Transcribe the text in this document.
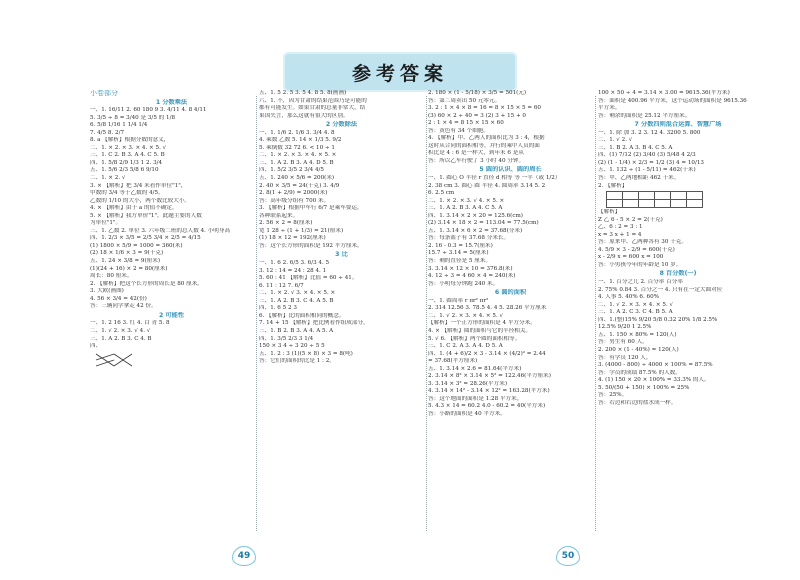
参考答案
小卷部分
1 分数乘法
一、1. 16/11 2. 60 180 9 3. 4/11 4. 8 4/11
5. 3/5 ÷ 8 = 3/40 是 3/5 的 1/8
6. 5/8 1/16 1 1/4 1/4
7. 4/5 8. 2/7
8. a 【解析】根据分数的意义，
二、1. × 2. × 3. × 4. × 5. √
三、1. C 2. B 3. A 4. C 5. B
四、1. 5/8 2/9 1/3 1 2. 3/4
五、1. 5/6 2/3 5/8 6 9/10
二、1. × 2. √
3. × 【解析】把 3/4 米看作单位"1"，
甲数的 3/4 等于乙数的 4/5，
乙数的 1/10 的大小，两个数比较大小。
4. × 【解析】由于 a 的值不确定。
5. × 【解析】我方单价"1"，此题主要的人数
为单位"1"。
三、1. 乙数 2. 单位 3. 六年级二班的总人数 4. 小明身高
四、1. 2/3 × 3/5 = 2/5 3/4 × 2/5 = 4/15
(1) 1800 × 5/9 = 1000 = 360(米)
(2) 18 × 1/6 × 3 = 9(千克)
五、1. 24 × 3/8 = 9(厘米)
(1)(24 + 16) × 2 = 80(厘米)
周长：80 厘米。
2. 【解析】把这个长方形的周长是 80 厘米。
3. 大欧(画图)
4. 56 × 3/4 = 42(份)
答：三辆同学拿走 42 份。
2 可能性
一、1. 2 16 3. 红 4. 白 青 5. 8
二、1. √ 2. × 3. √ 4. √
三、1. A 2. B 3. C 4. B
四、
五、1. 5 2. 5 3. 5 4. 8 5. 8(画画)
六、1. 不，因为甘肃的结果范围乃是可能的
都有可能发生。如果甘肃的总量非常大，结
果国失言，那么这就有很大的区别。
2 分数除法
一、1. 1/6 2. 1/6 3. 3/4 4. 8
4. 乘数 乙数 5. 14 × 1/3 5. 9/2
5. 乘倒数 32 72 6. < 10 ÷ 1
二、1. × 2. × 3. × 4. × 5. ×
三、1. A 2. B 3. A 4. D 5. B
四、1. 5/2 3/5 2 3/4 4/5
五、1. 240 × 5/6 = 200(米)
2. 40 × 3/5 = 24(千克) 3. 4/9
2. 8(1 + 2/9) = 2000(米)
答：高年级分组有 700 米。
3. 【解析】根据甲车行 6/7 是乘车要运，
各种联系起来。
2. 56 × 2 = 8(厘米)
宽 1 28 ÷ (1 + 1/3) = 21(厘米)
(1) 18 × 12 = 192(厘米)
答：这个长方形的面积是 192 平方厘米。
3 比
一、1. 6 2. 6/5 3. 6/3 4. 5
3. 12 : 14 = 24 : 28 4. 1
5. 60 : 41 【解析】比值 = 60 ÷ 41。
6. 11 : 12 7. 6/7
二、1. × 2. √ 3. × 4. × 5. ×
三、1. A 2. B 3. C 4. A 5. B
四、1. 6 5 2 3
6. 【解析】比的面积相同的概念。
7. 14 + 15 【解析】把比例看作组成部分，
三、1. B 2. B 3. A 4. A 5. A
四、1. 3/5 2/3 3 1/4
150 × 3 4 ÷ 3 20 ÷ 5 5
五、1. 2 : 3 (1)(5 × 8) × 3 = 8(吨)
答：它们的面积的比是 1 : 2。
2. 180 × (1 - 5/18) × 3/5 = 501(元)
答：第二周卖出 50 元零元。
3. 2 : 1 × 4 × 8 = 16 = 8 × 15 × 5 = 60
(3) 60 × 2 ÷ 40 = 3 (2) 3 + 15 + 0
2 : 1 × 4 = 8 15 × 15 × 60
答：黄色有 34 个细胞。
4. 【解析】甲、乙两人的面积比为 3 : 4，根据
这时从合同的面积相等，并行的乘中人员的面
积比是 4 : 6 是一样大，到年末 6 是从
答：所以乙车行驶了 3 小时 40 分钟。
5 圆的认识、圆的周长
一、1. 圆心 O 半径 r 直径 d 相等 等 一半（或 1/2）
2. 38 cm 3. 圆心 圆 半径 4. 圆周率 3.14 5. 2
6. 2.5 cm
二、1. × 2. × 3. √ 4. × 5. ×
三、1. A 2. B 3. A 4. C 5. A
四、1. 3.14 × 2 × 20 = 125.6(cm)
(2) 3.14 × 18 × 2 = 113.04 = 77.5(cm)
五、1. 3.14 × 6 × 2 = 37.68(分米)
答：每条篮子有 37.68 分米长。
2. 16 - 0.3 = 15.7(厘米)
15.7 ÷ 3.14 = 5(厘米)
答：剩的直径是 5 厘米。
3. 3.14 × 12 × 10 = 376.8(米)
4. 12 ÷ 3 = 4 60 × 4 = 240(米)
答：小明每分钟跑 240 米。
6 圆的面积
一、1. 圆周率 r πr² πr²
2. 314 12.56 3. 78.5 4. 4 5. 28.26 平方厘米
二、1. √ 2. × 3. × 4. × 5. √
【解析】一个正方形的面积是 4 平方分米。
4. × 【解析】圆的面积与它的半径相关。
5. √ 6. 【解析】两个圆的面积相等。
三、1. C 2. A 3. A 4. D 5. A
四、1. (4 + 6)/2 × 3 - 3.14 × (4/2)² = 2.44
= 37.68(平方厘米)
五、1. 3.14 × 2.6 = 81.64(平方米)
2. 3.14 × 8² × 3.14 × 5² = 122.46(平方厘米)
3. 3.14 × 3² = 28.26(平方米)
4. 3.14 × 14² - 3.14 × 12² = 163.28(平方米)
答：这个地面的面积是 1.28 平方米。
5. 4.3 × 14 = 60.2 4.0 - 60.2 = 40(平方米)
答：小路的面积是 40 平方米。
100 × 50 ÷ 4 = 3.14 × 3.00 = 9615.36(平方米)
答：面积是 400.96 平方米，这个运动场的面积是 9615.36
平方米。
答：剩余的面积是 25.12 平方厘米。
7 分数四则混合运算、智慧广场
一、1. 除 加 3. 2 3. 12 4. 3200 5. 800
二、1. √ 2. √
三、1. B 2. A 3. B 4. C 5. A
四、(1) 7/12 (2) 3/40 (3) 5/48 4 2/3
(2) (1 - 1/4) × 2/3 = 1/2 (3) 4 = 10/13
五、1. 132 ÷ (1 - 5/11) = 462(千米)
答：甲、乙两地相距 462 千米。
2. 【解析】

【解析】
Z 乙 6 - 5 × 2 = 2(千克)
乙、6 : 2 = 3 : 1
x = 3 x + 1 = 4
答：原来甲、乙两种各有 30 千克。
4. 5/9 × 3 - 2/9 = 600(千克)
x - 2/9 x = 600 x = 100
答：小男孩今年的年龄是 10 岁。
8 百分数(一)
一、1. 百分之几 2. 百分率 百分率
2. 75% 0.84 3. 百分之一 4. 只有在一定大圆对应
4. 人事 5. 40% 6. 60%
二、1. √ 2. × 3. × 4. × 5. √
三、1. A 2. C 3. C 4. B 5. A
四、1.(整)15% 9/20 5/8 0.32 20% 1/8 2.5%
12.5% 9/20 1 2.5%
五、1. 150 × 80% = 120(人)
答：男生有 60 人。
2. 200 × (1 - 40%) = 120(人)
答：有学员 120 人。
3. (4000 - 800) ÷ 4000 × 100% = 87.5%
答：学员的成绩 87.5% 的人数。
4. (1) 150 × 20 × 100% = 33.3% 的人。
5. 50/(50 + 150) × 100% = 25%
答：25%。
答：右边和右边的盐水成一样。
49	50
